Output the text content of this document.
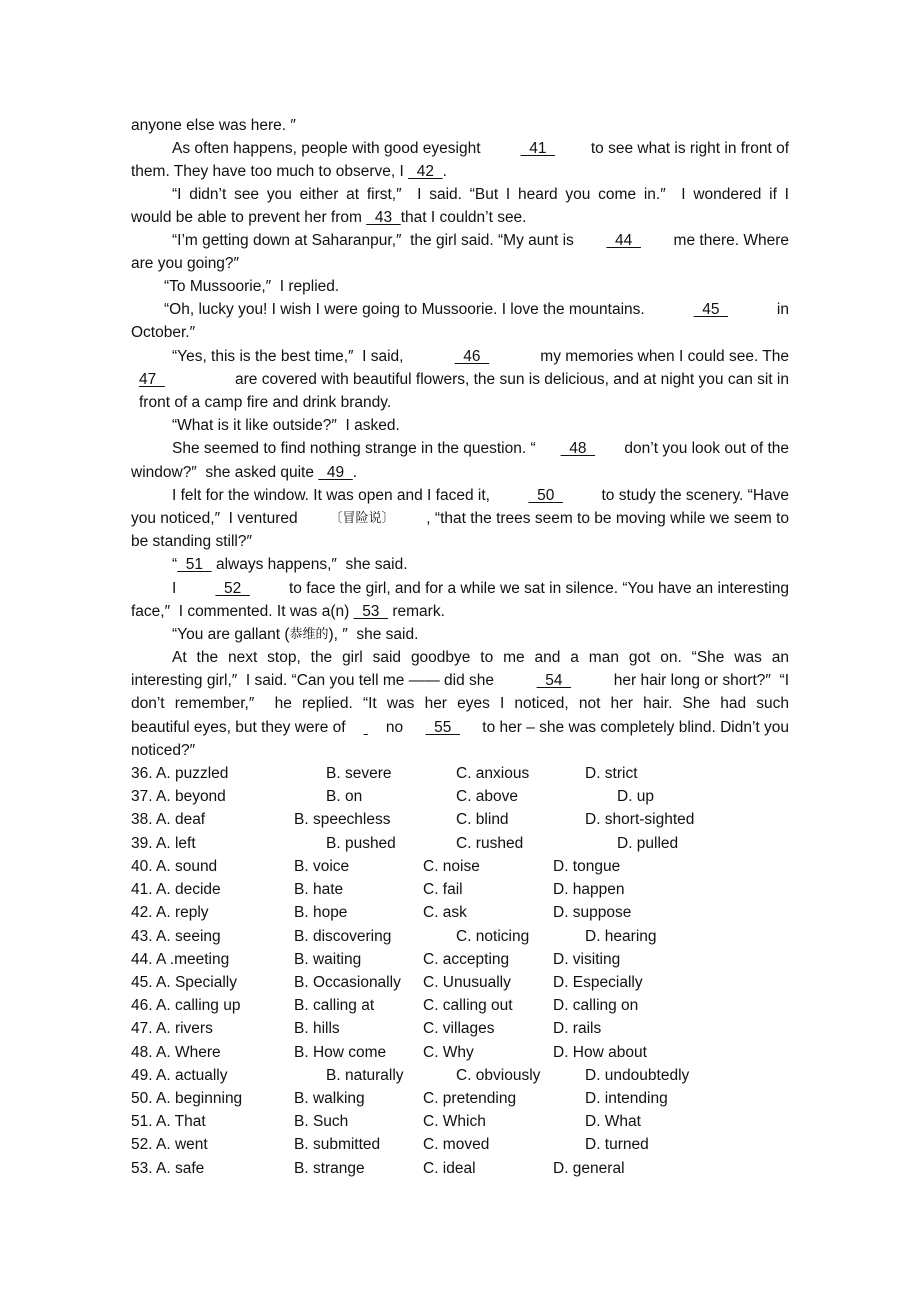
anyone else was here. ″
As often happens, people with good eyesight 41 to see what is right in front of
them. They have too much to observe, I 42 .
“I didn’t see you either at first,″  I said. “But I heard you come in.″  I wondered if I
would be able to prevent her from 43 that I couldn’t see.
“I’m getting down at Saharanpur,″  the girl said. “My aunt is 44 me there. Where
are you going?″
“To Mussoorie,″  I replied.
“Oh, lucky you! I wish I were going to Mussoorie. I love the mountains.	45	in
October.″
“Yes, this is the best time,″  I said,	46	my memories when I could see. The
47	are covered with beautiful flowers, the sun is delicious, and at night you can sit in
front of a camp fire and drink brandy.
“What is it like outside?″  I asked.
She seemed to find nothing strange in the question. “ 48 don’t you look out of the
window?″  she asked quite 49 .
I felt for the window. It was open and I faced it, 50 to study the scenery. “Have
you noticed,″  I ventured 〔冒险说〕 , “that the trees seem to be moving while we seem to
be standing still?″
“ 51 always happens,″  she said.
I 52 to face the girl, and for a while we sat in silence. “You have an interesting
face,″  I commented. It was a(n) 53 remark.
“You are gallant ( 恭维的 ), ″  she said.
At the next stop, the girl said goodbye to me and a man got on. “She was an
interesting girl,″  I said. “Can you tell me —— did she 54 her hair long or short?″  “I
don’t remember,″  he replied. “It was her eyes I noticed, not her hair. She had such
beautiful eyes, but they were of
	no 55 to her – she was completely blind. Didn’t you
noticed?″
36. A. puzzled	B. severe	C. anxious	D. strict
37. A. beyond	B. on	C. above	D. up
38. A. deaf	B. speechless	C. blind	D. short-sighted
39. A. left	B. pushed	C. rushed	D. pulled
40. A. sound	B. voice	C. noise	D. tongue
41. A. decide	B. hate	C. fail	D. happen
42. A. reply	B. hope	C. ask	D. suppose
43. A. seeing	B. discovering	C. noticing	D. hearing
44. A .meeting	B. waiting	C. accepting	D. visiting
45. A. Specially	B. Occasionally C. Unusually	D. Especially
46. A. calling up	B. calling at	C. calling out	D. calling on
47. A. rivers	B. hills	C. villages	D. rails
48. A. Where	B. How come C. Why	D. How about
49. A. actually	B. naturally	C. obviously	D. undoubtedly
50. A. beginning	B. walking	C. pretending	D. intending
51. A. That	B. Such	C. Which	D. What
52. A. went	B. submitted	C. moved	D. turned
53. A. safe	B. strange	C. ideal	D. general
